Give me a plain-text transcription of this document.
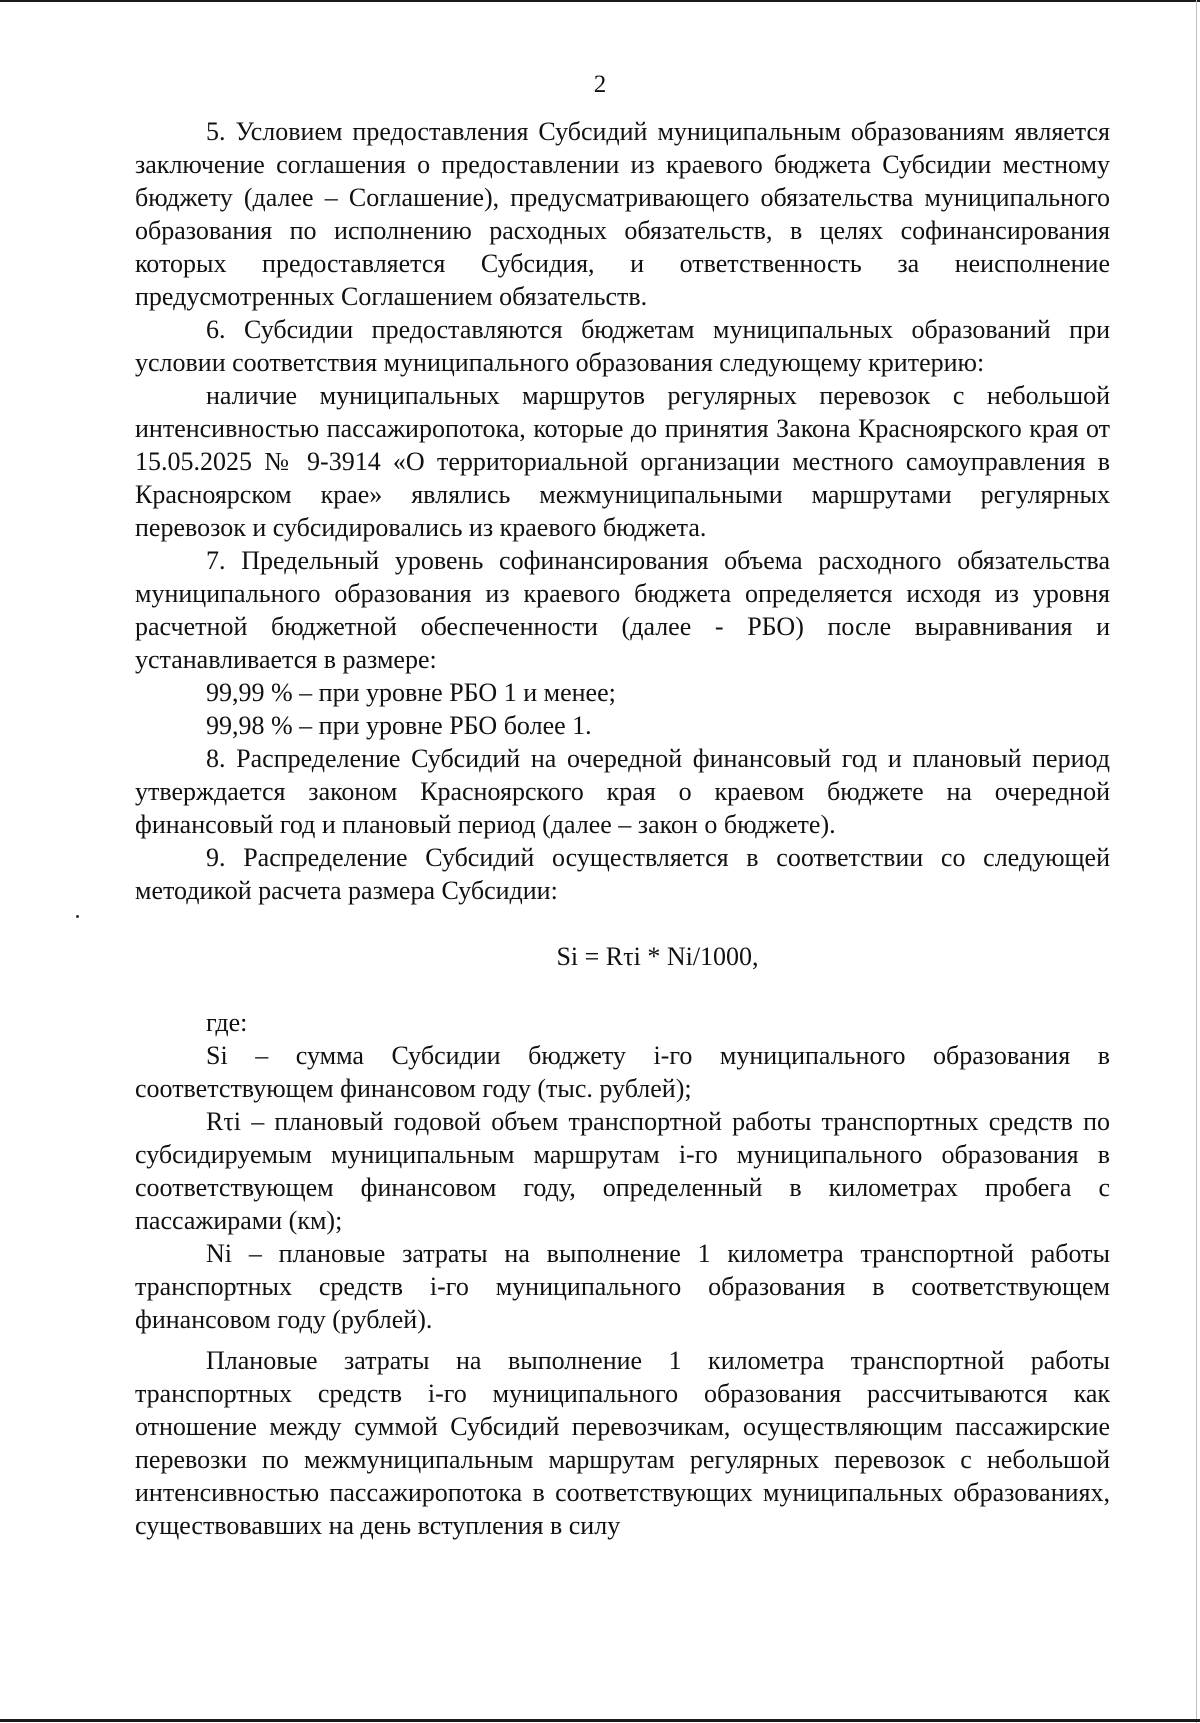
2

5. Условием предоставления Субсидий муниципальным образованиям является заключение соглашения о предоставлении из краевого бюджета Субсидии местному бюджету (далее – Соглашение), предусматривающего обязательства муниципального образования по исполнению расходных обязательств, в целях софинансирования которых предоставляется Субсидия, и ответственность за неисполнение предусмотренных Соглашением обязательств.

6. Субсидии предоставляются бюджетам муниципальных образований при условии соответствия муниципального образования следующему критерию:

наличие муниципальных маршрутов регулярных перевозок с небольшой интенсивностью пассажиропотока, которые до принятия Закона Красноярского края от 15.05.2025 № 9-3914 «О территориальной организации местного самоуправления в Красноярском крае» являлись межмуниципальными маршрутами регулярных перевозок и субсидировались из краевого бюджета.

7. Предельный уровень софинансирования объема расходного обязательства муниципального образования из краевого бюджета определяется исходя из уровня расчетной бюджетной обеспеченности (далее - РБО) после выравнивания и устанавливается в размере:

99,99 % – при уровне РБО 1 и менее;

99,98 % – при уровне РБО более 1.

8. Распределение Субсидий на очередной финансовый год и плановый период утверждается законом Красноярского края о краевом бюджете на очередной финансовый год и плановый период (далее – закон о бюджете).

9. Распределение Субсидий осуществляется в соответствии со следующей методикой расчета размера Субсидии:

Si = Rτi * Ni/1000,

где:

Si – сумма Субсидии бюджету i-го муниципального образования в соответствующем финансовом году (тыс. рублей);

Rτi – плановый годовой объем транспортной работы транспортных средств по субсидируемым муниципальным маршрутам i-го муниципального образования в соответствующем финансовом году, определенный в километрах пробега с пассажирами (км);

Ni – плановые затраты на выполнение 1 километра транспортной работы транспортных средств i-го муниципального образования в соответствующем финансовом году (рублей).

Плановые затраты на выполнение 1 километра транспортной работы транспортных средств i-го муниципального образования рассчитываются как отношение между суммой Субсидий перевозчикам, осуществляющим пассажирские перевозки по межмуниципальным маршрутам регулярных перевозок с небольшой интенсивностью пассажиропотока в соответствующих муниципальных образованиях, существовавших на день вступления в силу
